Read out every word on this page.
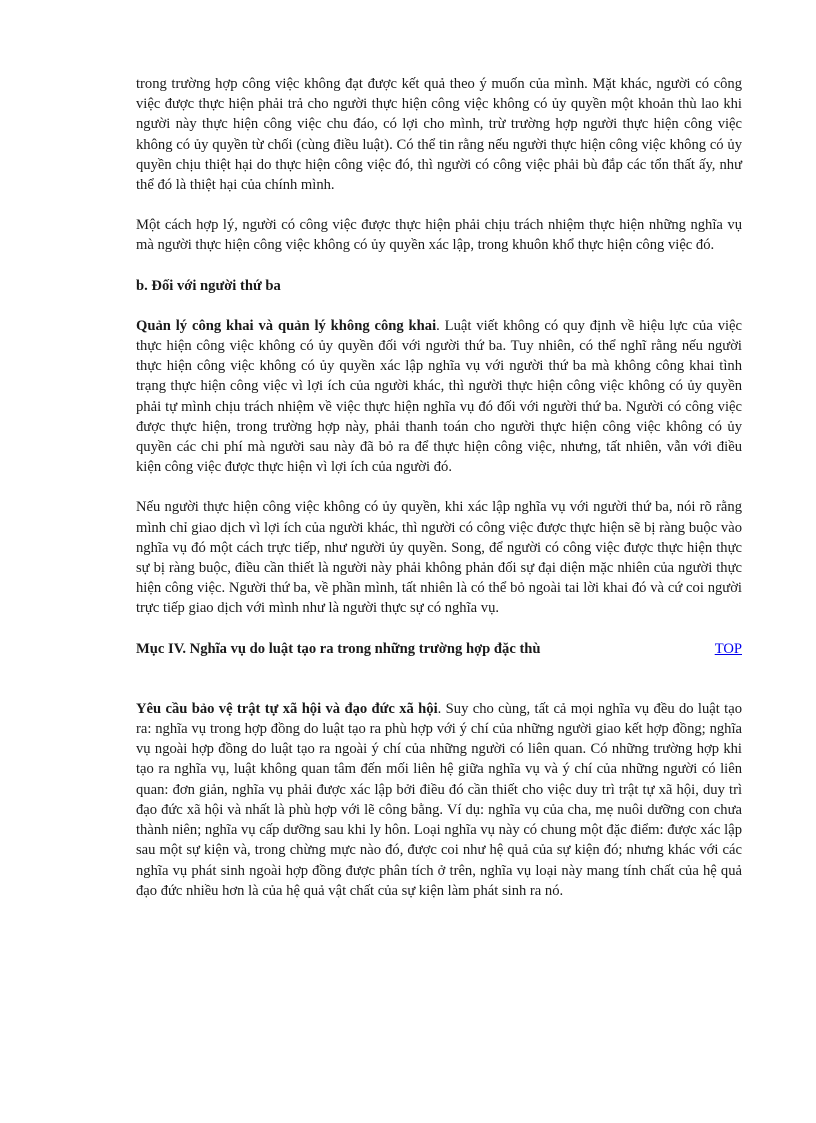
trong trường hợp công việc không đạt được kết quả theo ý muốn của mình. Mặt khác, người có công việc được thực hiện phải trả cho người thực hiện công việc không có ủy quyền một khoản thù lao khi người này thực hiện công việc chu đáo, có lợi cho mình, trừ trường hợp người thực hiện công việc không có ủy quyền từ chối (cùng điều luật). Có thể tin rằng nếu người thực hiện công việc không có ủy quyền chịu thiệt hại do thực hiện công việc đó, thì người có công việc phải bù đắp các tổn thất ấy, như thể đó là thiệt hại của chính mình.

Một cách hợp lý, người có công việc được thực hiện phải chịu trách nhiệm thực hiện những nghĩa vụ mà người thực hiện công việc không có ủy quyền xác lập, trong khuôn khổ thực hiện công việc đó.

b. Đối với người thứ ba

Quản lý công khai và quản lý không công khai. Luật viết không có quy định về hiệu lực của việc thực hiện công việc không có ủy quyền đối với người thứ ba. Tuy nhiên, có thể nghĩ rằng nếu người thực hiện công việc không có ủy quyền xác lập nghĩa vụ với người thứ ba mà không công khai tình trạng thực hiện công việc vì lợi ích của người khác, thì người thực hiện công việc không có ủy quyền phải tự mình chịu trách nhiệm về việc thực hiện nghĩa vụ đó đối với người thứ ba. Người có công việc được thực hiện, trong trường hợp này, phải thanh toán cho người thực hiện công việc không có ủy quyền các chi phí mà người sau này đã bỏ ra để thực hiện công việc, nhưng, tất nhiên, vẫn với điều kiện công việc được thực hiện vì lợi ích của người đó.

Nếu người thực hiện công việc không có ủy quyền, khi xác lập nghĩa vụ với người thứ ba, nói rõ rằng mình chỉ giao dịch vì lợi ích của người khác, thì người có công việc được thực hiện sẽ bị ràng buộc vào nghĩa vụ đó một cách trực tiếp, như người ủy quyền. Song, để người có công việc được thực hiện thực sự bị ràng buộc, điều cần thiết là người này phải không phản đối sự đại diện mặc nhiên của người thực hiện công việc. Người thứ ba, về phần mình, tất nhiên là có thể bỏ ngoài tai lời khai đó và cứ coi người trực tiếp giao dịch với mình như là người thực sự có nghĩa vụ.

Mục IV. Nghĩa vụ do luật tạo ra trong những trường hợp đặc thù	TOP

Yêu cầu bảo vệ trật tự xã hội và đạo đức xã hội. Suy cho cùng, tất cả mọi nghĩa vụ đều do luật tạo ra: nghĩa vụ trong hợp đồng do luật tạo ra phù hợp với ý chí của những người giao kết hợp đồng; nghĩa vụ ngoài hợp đồng do luật tạo ra ngoài ý chí của những người có liên quan. Có những trường hợp khi tạo ra nghĩa vụ, luật không quan tâm đến mối liên hệ giữa nghĩa vụ và ý chí của những người có liên quan: đơn giản, nghĩa vụ phải được xác lập bởi điều đó cần thiết cho việc duy trì trật tự xã hội, duy trì đạo đức xã hội và nhất là phù hợp với lẽ công bằng. Ví dụ: nghĩa vụ của cha, mẹ nuôi dưỡng con chưa thành niên; nghĩa vụ cấp dưỡng sau khi ly hôn. Loại nghĩa vụ này có chung một đặc điểm: được xác lập sau một sự kiện và, trong chừng mực nào đó, được coi như hệ quả của sự kiện đó; nhưng khác với các nghĩa vụ phát sinh ngoài hợp đồng được phân tích ở trên, nghĩa vụ loại này mang tính chất của hệ quả đạo đức nhiều hơn là của hệ quả vật chất của sự kiện làm phát sinh ra nó.
